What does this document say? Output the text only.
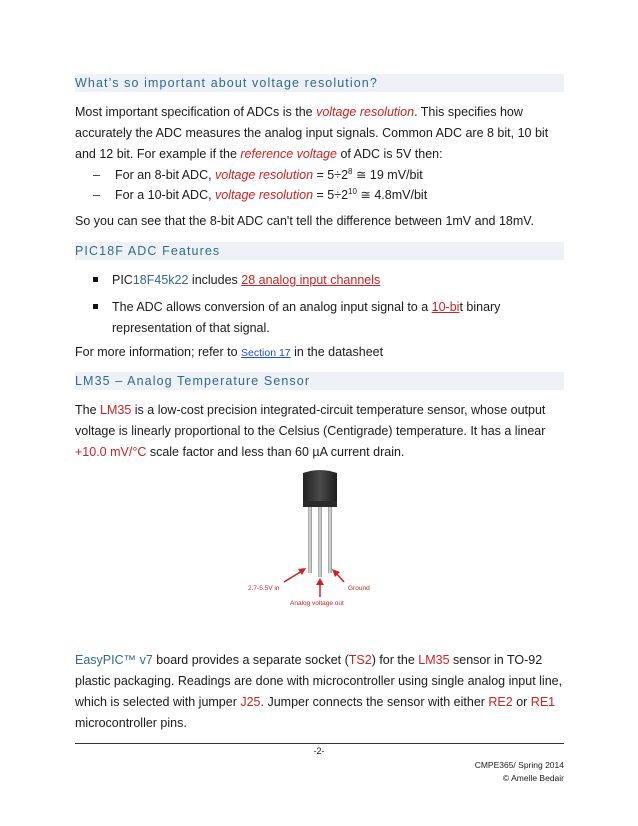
What’s so important about voltage resolution?
Most important specification of ADCs is the voltage resolution. This specifies how accurately the ADC measures the analog input signals. Common ADC are 8 bit, 10 bit and 12 bit. For example if the reference voltage of ADC is 5V then:
– For an 8-bit ADC, voltage resolution = $5\div 2^8$ ≅ 19 mV/bit
– For a 10-bit ADC, voltage resolution = $5\div 2^{10}$ ≅ 4.8mV/bit
So you can see that the 8-bit ADC can't tell the difference between 1mV and 18mV.
PIC18F ADC Features
PIC18F45k22 includes 28 analog input channels
The ADC allows conversion of an analog input signal to a 10-bit binary representation of that signal.
For more information; refer to Section 17 in the datasheet
LM35 – Analog Temperature Sensor
The LM35 is a low-cost precision integrated-circuit temperature sensor, whose output voltage is linearly proportional to the Celsius (Centigrade) temperature. It has a linear +10.0 mV/°C scale factor and less than 60 µA current drain.
2.7-5.5V in	Ground
Analog voltage out
EasyPIC™ v7 board provides a separate socket (TS2) for the LM35 sensor in TO-92 plastic packaging. Readings are done with microcontroller using single analog input line, which is selected with jumper J25. Jumper connects the sensor with either RE2 or RE1 microcontroller pins.
-2-
CMPE365/ Spring 2014
© Amelle Bedair
